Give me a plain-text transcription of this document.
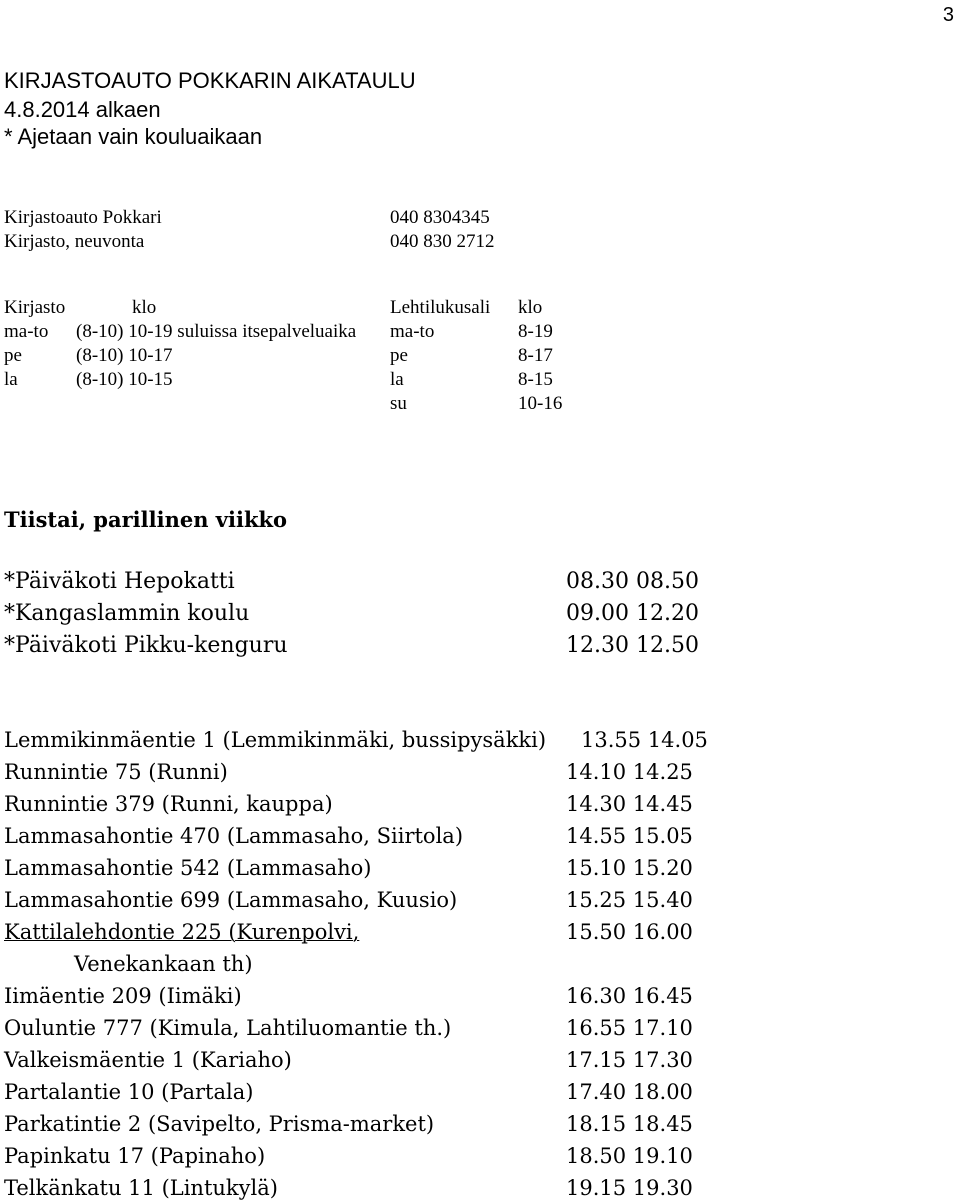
3
KIRJASTOAUTO POKKARIN AIKATAULU
4.8.2014 alkaen
* Ajetaan vain kouluaikaan
Kirjastoauto Pokkari	040 8304345
Kirjasto, neuvonta	040 830 2712
Kirjasto	klo
ma-to (8-10) 10-19 suluissa itsepalveluaika
pe	(8-10) 10-17
la	(8-10) 10-15
Lehtilukusali klo
ma-to	8-19
pe	8-17
la	8-15
su	10-16
Tiistai, parillinen viikko
*Päiväkoti Hepokatti	08.30 08.50
*Kangaslammin koulu	09.00 12.20
*Päiväkoti Pikku-kenguru	12.30 12.50
Lemmikinmäentie 1 (Lemmikinmäki, bussipysäkki) 13.55 14.05
Runnintie 75 (Runni)	14.10 14.25
Runnintie 379 (Runni, kauppa)	14.30 14.45
Lammasahontie 470 (Lammasaho, Siirtola)	14.55 15.05
Lammasahontie 542 (Lammasaho)	15.10 15.20
Lammasahontie 699 (Lammasaho, Kuusio)	15.25 15.40
Kattilalehdontie 225 (Kurenpolvi,	15.50 16.00
Venekankaan th)
Iimäentie 209 (Iimäki)	16.30 16.45
Ouluntie 777 (Kimula, Lahtiluomantie th.)	16.55 17.10
Valkeismäentie 1 (Kariaho)	17.15 17.30
Partalantie 10 (Partala)	17.40 18.00
Parkatintie 2 (Savipelto, Prisma-market)	18.15 18.45
Papinkatu 17 (Papinaho)	18.50 19.10
Telkänkatu 11 (Lintukylä)	19.15 19.30
